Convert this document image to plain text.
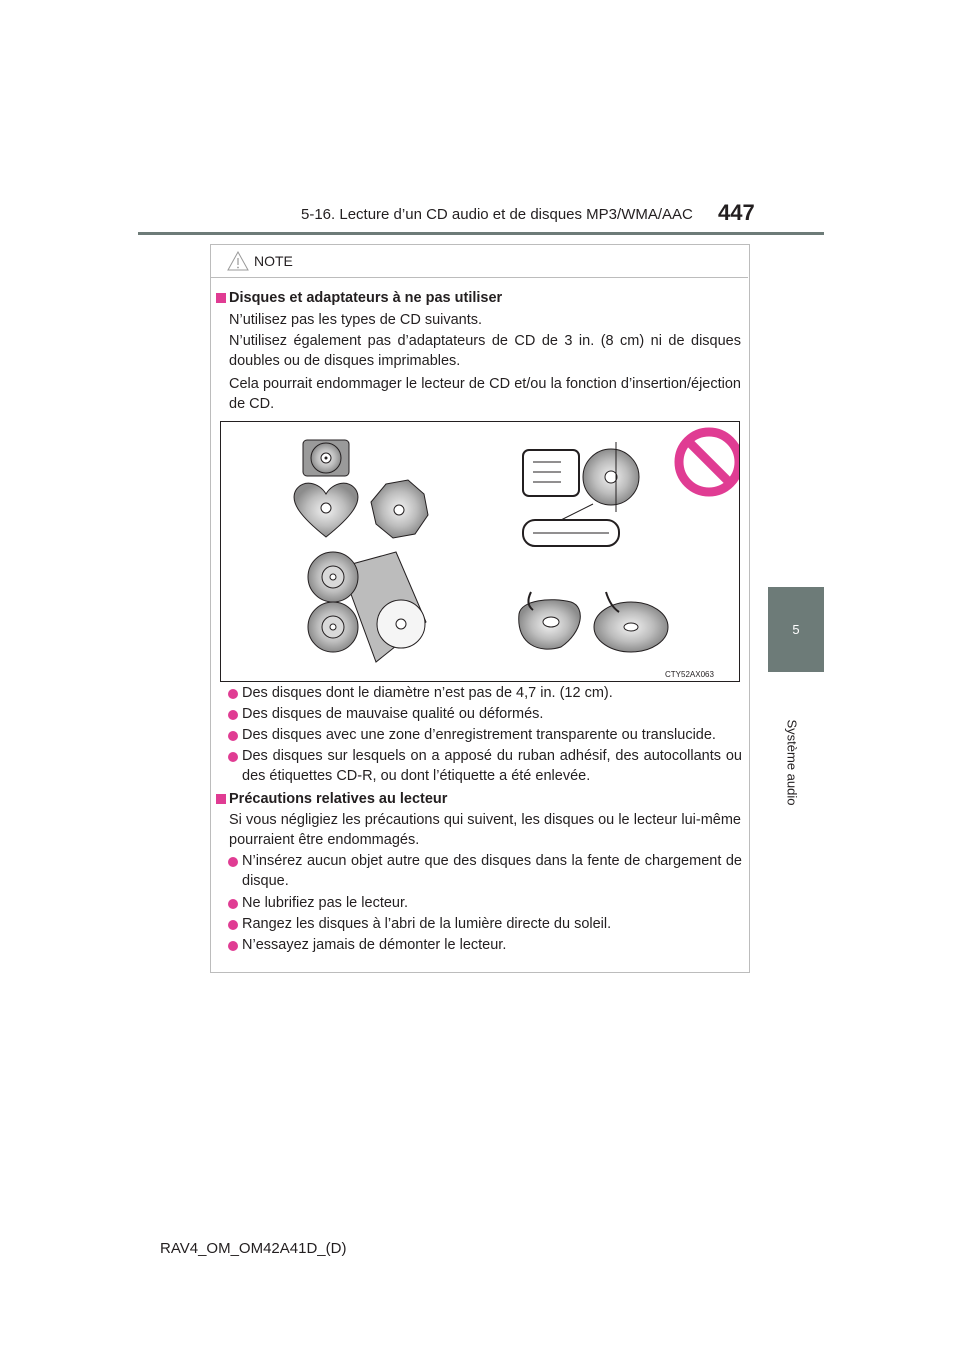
5-16. Lecture d’un CD audio et de disques MP3/WMA/AAC 447
5
Système audio
NOTE
Disques et adaptateurs à ne pas utiliser
N’utilisez pas les types de CD suivants.
N’utilisez également pas d’adaptateurs de CD de 3 in. (8 cm) ni de disques doubles ou de disques imprimables.
Cela pourrait endommager le lecteur de CD et/ou la fonction d’insertion/éjection de CD.
CTY52AX063
Des disques dont le diamètre n’est pas de 4,7 in. (12 cm).
Des disques de mauvaise qualité ou déformés.
Des disques avec une zone d’enregistrement transparente ou translucide.
Des disques sur lesquels on a apposé du ruban adhésif, des autocollants ou des étiquettes CD-R, ou dont l’étiquette a été enlevée.
Précautions relatives au lecteur
Si vous négligiez les précautions qui suivent, les disques ou le lecteur lui-même pourraient être endommagés.
N’insérez aucun objet autre que des disques dans la fente de chargement de disque.
Ne lubrifiez pas le lecteur.
Rangez les disques à l’abri de la lumière directe du soleil.
N’essayez jamais de démonter le lecteur.
RAV4_OM_OM42A41D_(D)
